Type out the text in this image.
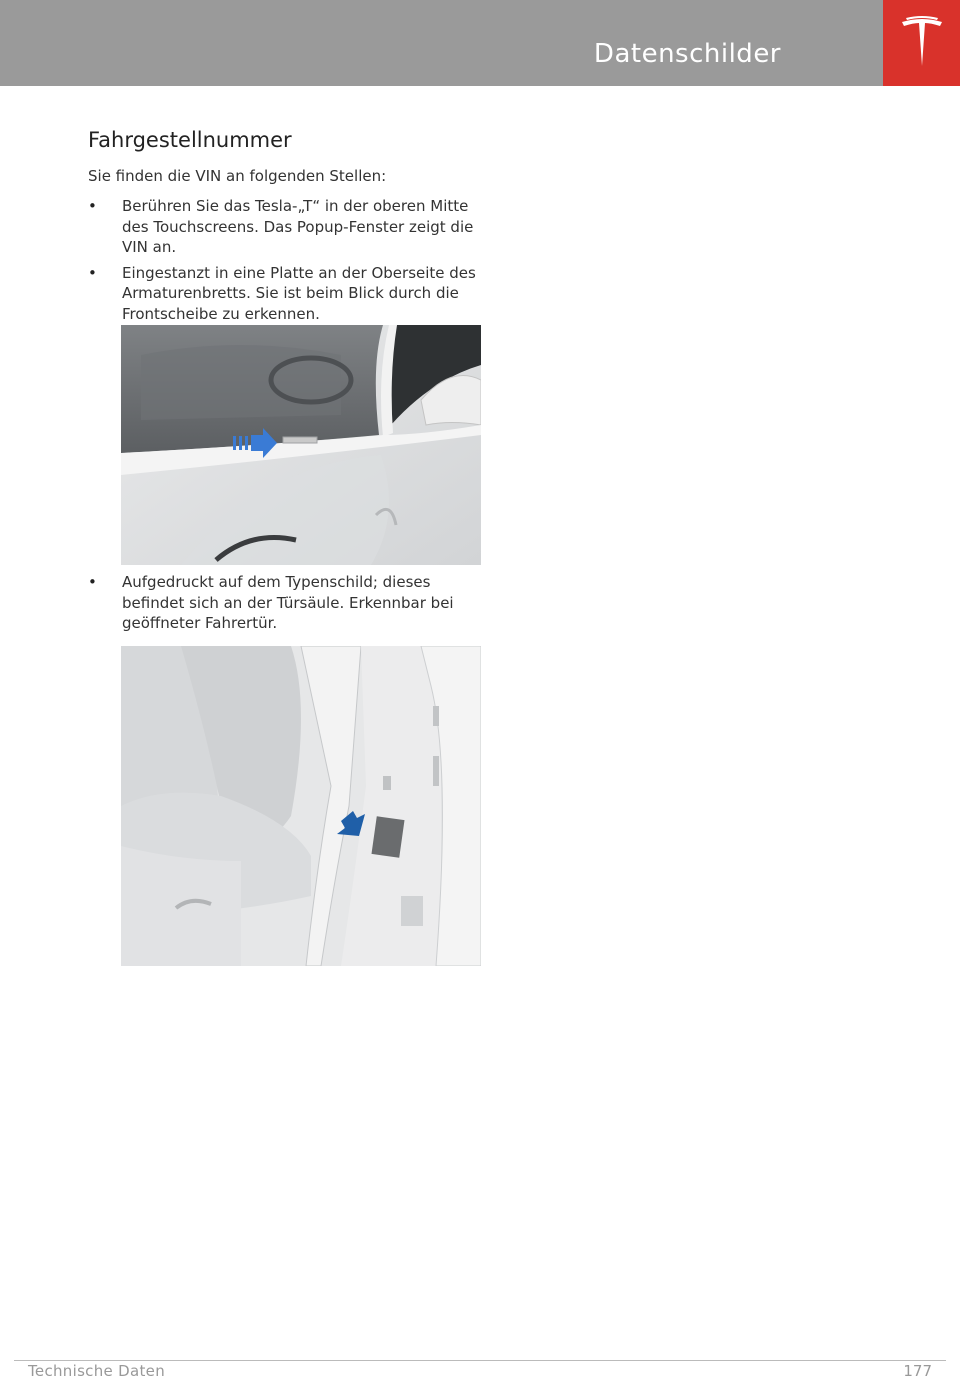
Datenschilder
Fahrgestellnummer

Sie finden die VIN an folgenden Stellen:

• Berühren Sie das Tesla-„T“ in der oberen Mitte des Touchscreens. Das Popup-Fenster zeigt die VIN an.
• Eingestanzt in eine Platte an der Oberseite des Armaturenbretts. Sie ist beim Blick durch die Frontscheibe zu erkennen.
• Aufgedruckt auf dem Typenschild; dieses befindet sich an der Türsäule. Erkennbar bei geöffneter Fahrertür.
Technische Daten	177
